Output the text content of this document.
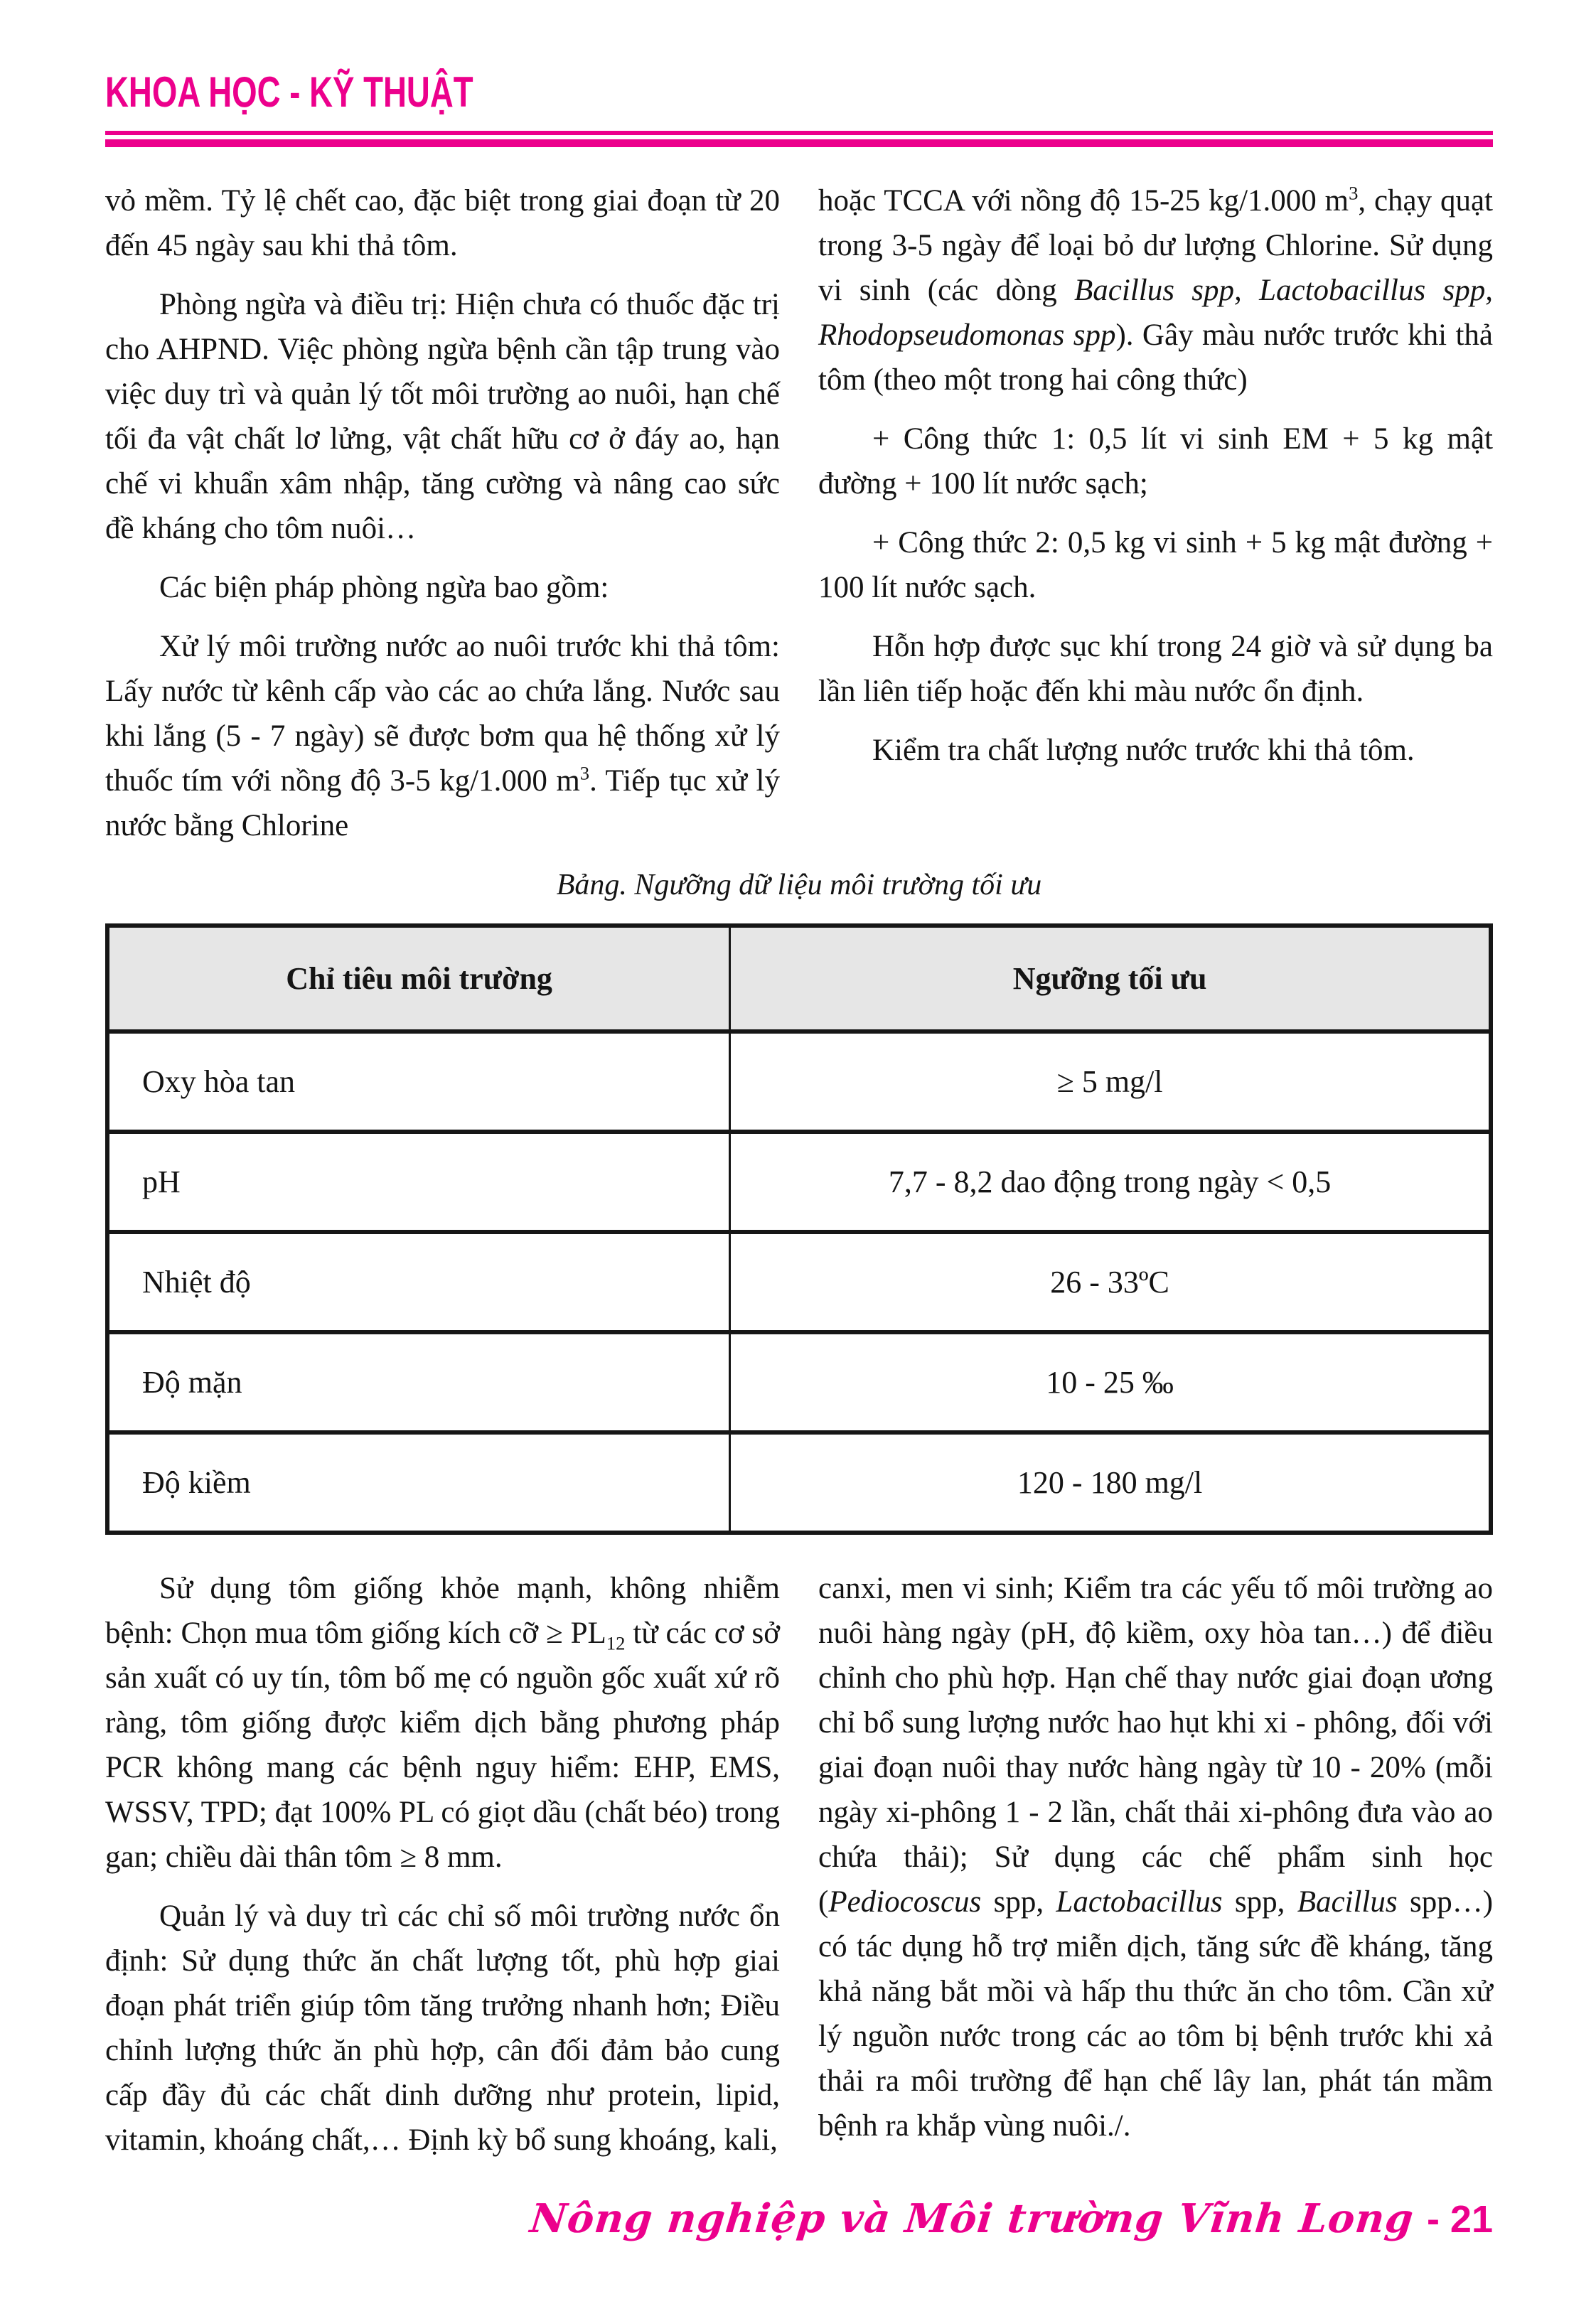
KHOA HỌC - KỸ THUẬT

vỏ mềm. Tỷ lệ chết cao, đặc biệt trong giai đoạn từ 20 đến 45 ngày sau khi thả tôm.

Phòng ngừa và điều trị: Hiện chưa có thuốc đặc trị cho AHPND. Việc phòng ngừa bệnh cần tập trung vào việc duy trì và quản lý tốt môi trường ao nuôi, hạn chế tối đa vật chất lơ lửng, vật chất hữu cơ ở đáy ao, hạn chế vi khuẩn xâm nhập, tăng cường và nâng cao sức đề kháng cho tôm nuôi…

Các biện pháp phòng ngừa bao gồm:

Xử lý môi trường nước ao nuôi trước khi thả tôm: Lấy nước từ kênh cấp vào các ao chứa lắng. Nước sau khi lắng (5 - 7 ngày) sẽ được bơm qua hệ thống xử lý thuốc tím với nồng độ 3-5 kg/1.000 $m^3$. Tiếp tục xử lý nước bằng Chlorine

hoặc TCCA với nồng độ 15-25 kg/1.000 $m^3$, chạy quạt trong 3-5 ngày để loại bỏ dư lượng Chlorine. Sử dụng vi sinh (các dòng Bacillus spp, Lactobacillus spp, Rhodopseudomonas spp). Gây màu nước trước khi thả tôm (theo một trong hai công thức)

+ Công thức 1: 0,5 lít vi sinh EM + 5 kg mật đường + 100 lít nước sạch;

+ Công thức 2: 0,5 kg vi sinh + 5 kg mật đường + 100 lít nước sạch.

Hỗn hợp được sục khí trong 24 giờ và sử dụng ba lần liên tiếp hoặc đến khi màu nước ổn định.

Kiểm tra chất lượng nước trước khi thả tôm.

Bảng. Ngưỡng dữ liệu môi trường tối ưu

Chỉ tiêu môi trường	Ngưỡng tối ưu
Oxy hòa tan	≥ 5 mg/l
pH	7,7 - 8,2 dao động trong ngày < 0,5
Nhiệt độ	26 - 33ºC
Độ mặn	10 - 25 ‰
Độ kiềm	120 - 180 mg/l

Sử dụng tôm giống khỏe mạnh, không nhiễm bệnh: Chọn mua tôm giống kích cỡ ≥ $PL_{12}$ từ các cơ sở sản xuất có uy tín, tôm bố mẹ có nguồn gốc xuất xứ rõ ràng, tôm giống được kiểm dịch bằng phương pháp PCR không mang các bệnh nguy hiểm: EHP, EMS, WSSV, TPD; đạt 100% PL có giọt dầu (chất béo) trong gan; chiều dài thân tôm ≥ 8 mm.

Quản lý và duy trì các chỉ số môi trường nước ổn định: Sử dụng thức ăn chất lượng tốt, phù hợp giai đoạn phát triển giúp tôm tăng trưởng nhanh hơn; Điều chỉnh lượng thức ăn phù hợp, cân đối đảm bảo cung cấp đầy đủ các chất dinh dưỡng như protein, lipid, vitamin, khoáng chất,… Định kỳ bổ sung khoáng, kali,

canxi, men vi sinh; Kiểm tra các yếu tố môi trường ao nuôi hàng ngày (pH, độ kiềm, oxy hòa tan…) để điều chỉnh cho phù hợp. Hạn chế thay nước giai đoạn ương chỉ bổ sung lượng nước hao hụt khi xi - phông, đối với giai đoạn nuôi thay nước hàng ngày từ 10 - 20% (mỗi ngày xi-phông 1 - 2 lần, chất thải xi-phông đưa vào ao chứa thải); Sử dụng các chế phẩm sinh học (Pediocoscus spp, Lactobacillus spp, Bacillus spp…) có tác dụng hỗ trợ miễn dịch, tăng sức đề kháng, tăng khả năng bắt mồi và hấp thu thức ăn cho tôm. Cần xử lý nguồn nước trong các ao tôm bị bệnh trước khi xả thải ra môi trường để hạn chế lây lan, phát tán mầm bệnh ra khắp vùng nuôi./.

Nông nghiệp và Môi trường Vĩnh Long - 21
